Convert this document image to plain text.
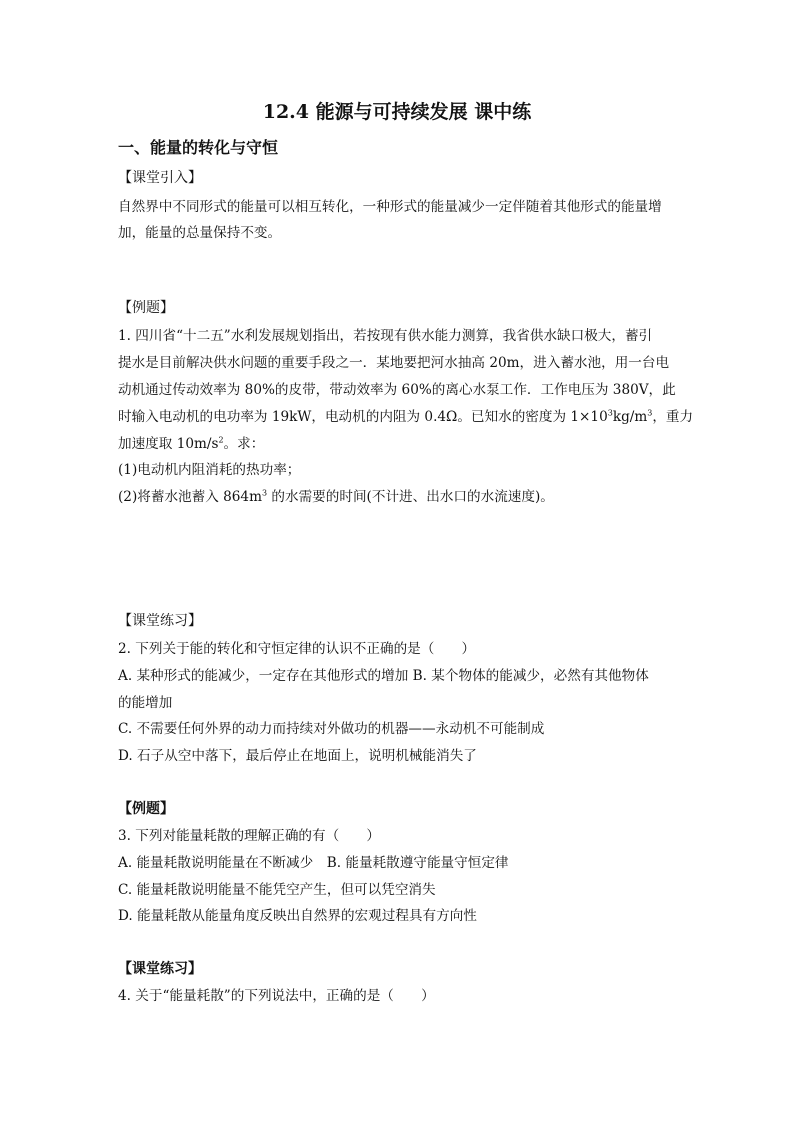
12.4 能源与可持续发展 课中练
一、能量的转化与守恒
【课堂引入】
自然界中不同形式的能量可以相互转化，一种形式的能量减少一定伴随着其他形式的能量增
加，能量的总量保持不变。
【例题】
1. 四川省“十二五”水利发展规划指出，若按现有供水能力测算，我省供水缺口极大，蓄引
提水是目前解决供水问题的重要手段之一．某地要把河水抽高 20m，进入蓄水池，用一台电
动机通过传动效率为 80%的皮带，带动效率为 60%的离心水泵工作．工作电压为 380V，此
时输入电动机的电功率为 19kW，电动机的内阻为 0.4Ω。已知水的密度为 $1\times 10^3kg/m^3$，重力
加速度取 $10m/s^2$。求：
(1)电动机内阻消耗的热功率；
(2)将蓄水池蓄入 $864m^3$ 的水需要的时间(不计进、出水口的水流速度)。
【课堂练习】
2. 下列关于能的转化和守恒定律的认识不正确的是（　　）
A. 某种形式的能减少，一定存在其他形式的增加 B. 某个物体的能减少，必然有其他物体
的能增加
C. 不需要任何外界的动力而持续对外做功的机器——永动机不可能制成
D. 石子从空中落下，最后停止在地面上，说明机械能消失了
【例题】
3. 下列对能量耗散的理解正确的有（　　）
A. 能量耗散说明能量在不断减少　B. 能量耗散遵守能量守恒定律
C. 能量耗散说明能量不能凭空产生，但可以凭空消失
D. 能量耗散从能量角度反映出自然界的宏观过程具有方向性
【课堂练习】
4. 关于“能量耗散”的下列说法中，正确的是（　　）
